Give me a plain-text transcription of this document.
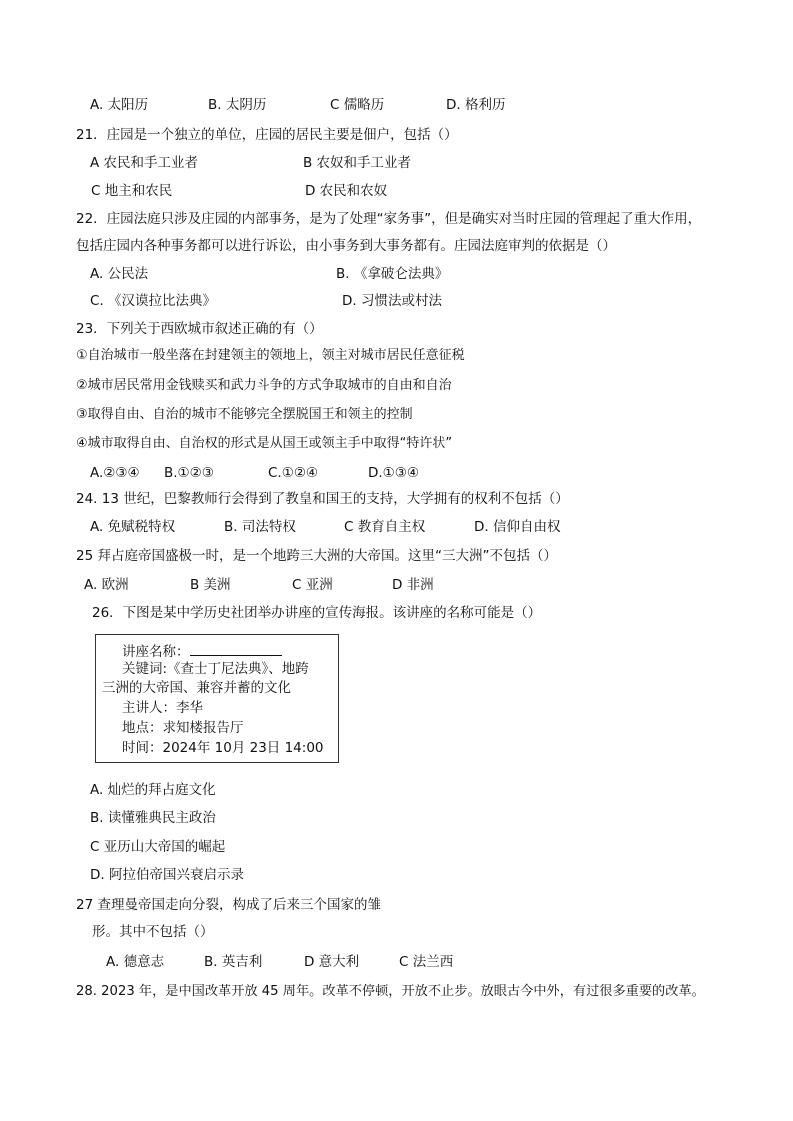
A. 太阳历	B. 太阴历	C 儒略历	D. 格利历
21．庄园是一个独立的单位，庄园的居民主要是佃户，包括（）
A 农民和手工业者	B 农奴和手工业者
C 地主和农民	D 农民和农奴
22．庄园法庭只涉及庄园的内部事务，是为了处理“家务事”，但是确实对当时庄园的管理起了重大作用，
包括庄园内各种事务都可以进行诉讼，由小事务到大事务都有。庄园法庭审判的依据是（）
A. 公民法	B. 《拿破仑法典》
C. 《汉谟拉比法典》	D. 习惯法或村法
23．下列关于西欧城市叙述正确的有（）
①自治城市一般坐落在封建领主的领地上，领主对城市居民任意征税
②城市居民常用金钱赎买和武力斗争的方式争取城市的自由和自治
③取得自由、自治的城市不能够完全摆脱国王和领主的控制
④城市取得自由、自治权的形式是从国王或领主手中取得“特许状”
A.②③④ B.①②③	C.①②④	D.①③④
24. 13 世纪，巴黎教师行会得到了教皇和国王的支持，大学拥有的权利不包括（）
A. 免赋税特权	B. 司法特权	C 教育自主权	D. 信仰自由权
25 拜占庭帝国盛极一时，是一个地跨三大洲的大帝国。这里“三大洲”不包括（）
A. 欧洲	B 美洲	C 亚洲	D 非洲
26．下图是某中学历史社团举办讲座的宣传海报。该讲座的名称可能是（）
讲座名称：
关键词:《查士丁尼法典》、地跨
三洲的大帝国、兼容并蓄的文化
主讲人：李华
地点：求知楼报告厅
时间：2024年 10月 23日 14:00
A. 灿烂的拜占庭文化
B. 读懂雅典民主政治
C 亚历山大帝国的崛起
D. 阿拉伯帝国兴衰启示录
27 查理曼帝国走向分裂，构成了后来三个国家的雏
形。其中不包括（）
A. 德意志	B. 英吉利	D 意大利	C 法兰西
28. 2023 年，是中国改革开放 45 周年。改革不停顿，开放不止步。放眼古今中外，有过很多重要的改革。
